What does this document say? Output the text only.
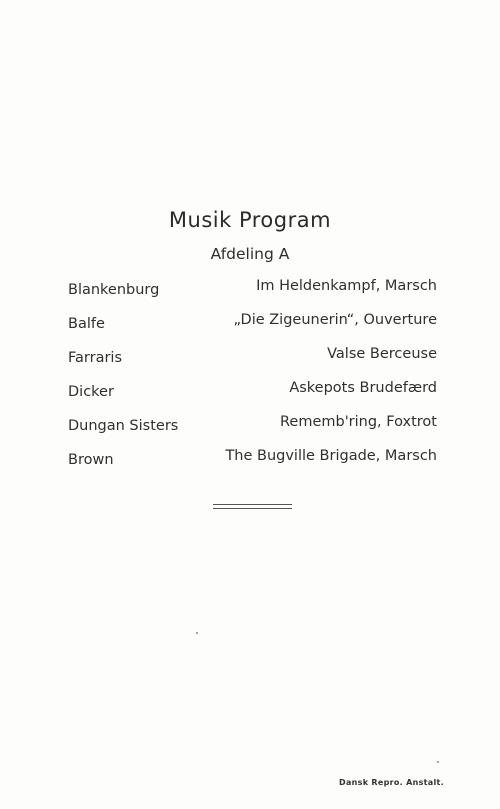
Musik Program
Afdeling A
Blankenburg	Im Heldenkampf, Marsch
Balfe	„Die Zigeunerin“, Ouverture
Farraris	Valse Berceuse
Dicker	Askepots Brudefærd
Dungan Sisters	Rememb'ring, Foxtrot
Brown	The Bugville Brigade, Marsch
Dansk Repro. Anstalt.
